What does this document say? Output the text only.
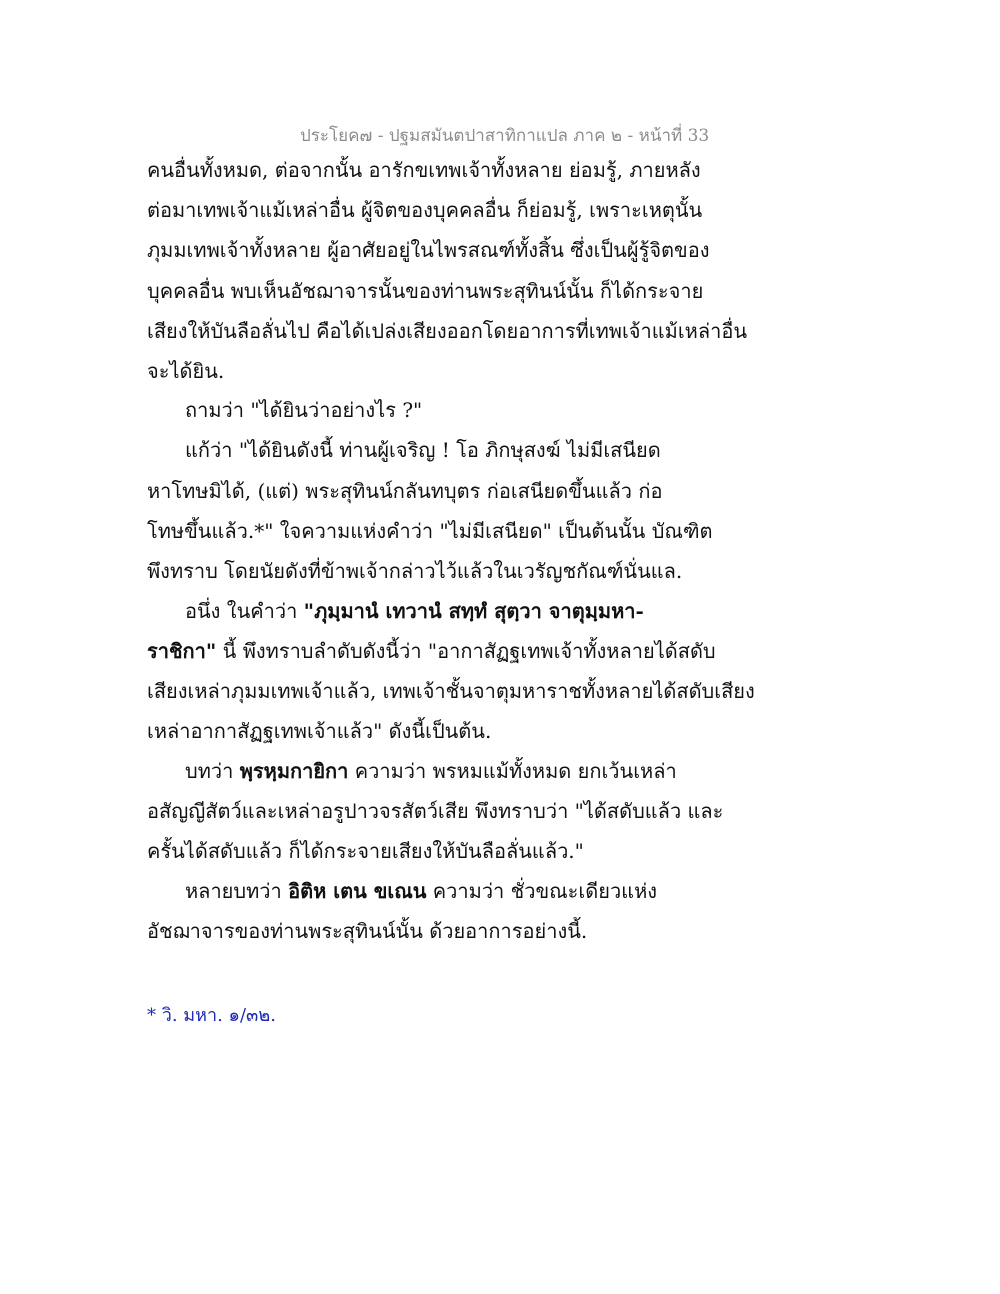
ประโยค๗ - ปฐมสมันตปาสาทิกาแปล ภาค ๒ - หน้าที่ 33
คนอื่นทั้งหมด, ต่อจากนั้น อารักขเทพเจ้าทั้งหลาย ย่อมรู้, ภายหลัง
ต่อมาเทพเจ้าแม้เหล่าอื่น ผู้จิตของบุคคลอื่น ก็ย่อมรู้, เพราะเหตุนั้น
ภุมมเทพเจ้าทั้งหลาย ผู้อาศัยอยู่ในไพรสณฑ์ทั้งสิ้น ซึ่งเป็นผู้รู้จิตของ
บุคคลอื่น พบเห็นอัชฌาจารนั้นของท่านพระสุทินน์นั้น ก็ได้กระจาย
เสียงให้บันลือลั่นไป คือได้เปล่งเสียงออกโดยอาการที่เทพเจ้าแม้เหล่าอื่น
จะได้ยิน.
ถามว่า "ได้ยินว่าอย่างไร ?"
แก้ว่า "ได้ยินดังนี้ ท่านผู้เจริญ ! โอ ภิกษุสงฆ์ ไม่มีเสนียด
หาโทษมิได้, (แต่) พระสุทินน์กลันทบุตร ก่อเสนียดขึ้นแล้ว ก่อ
โทษขึ้นแล้ว.*" ใจความแห่งคำว่า "ไม่มีเสนียด" เป็นต้นนั้น บัณฑิต
พึงทราบ โดยนัยดังที่ข้าพเจ้ากล่าวไว้แล้วในเวรัญชกัณฑ์นั่นแล.
อนึ่ง ในคำว่า "ภุมฺมานํ เทวานํ สทฺทํ สุตฺวา จาตุมฺมหา-
ราชิกา" นี้ พึงทราบลำดับดังนี้ว่า "อากาสัฏฐเทพเจ้าทั้งหลายได้สดับ
เสียงเหล่าภุมมเทพเจ้าแล้ว, เทพเจ้าชั้นจาตุมหาราชทั้งหลายได้สดับเสียง
เหล่าอากาสัฏฐเทพเจ้าแล้ว" ดังนี้เป็นต้น.
บทว่า พฺรหฺมกายิกา ความว่า พรหมแม้ทั้งหมด ยกเว้นเหล่า
อสัญญีสัตว์และเหล่าอรูปาวจรสัตว์เสีย พึงทราบว่า "ได้สดับแล้ว และ
ครั้นได้สดับแล้ว ก็ได้กระจายเสียงให้บันลือลั่นแล้ว."
หลายบทว่า อิติห เตน ขเณน ความว่า ชั่วขณะเดียวแห่ง
อัชฌาจารของท่านพระสุทินน์นั้น ด้วยอาการอย่างนี้.
* วิ. มหา. ๑/๓๒.
